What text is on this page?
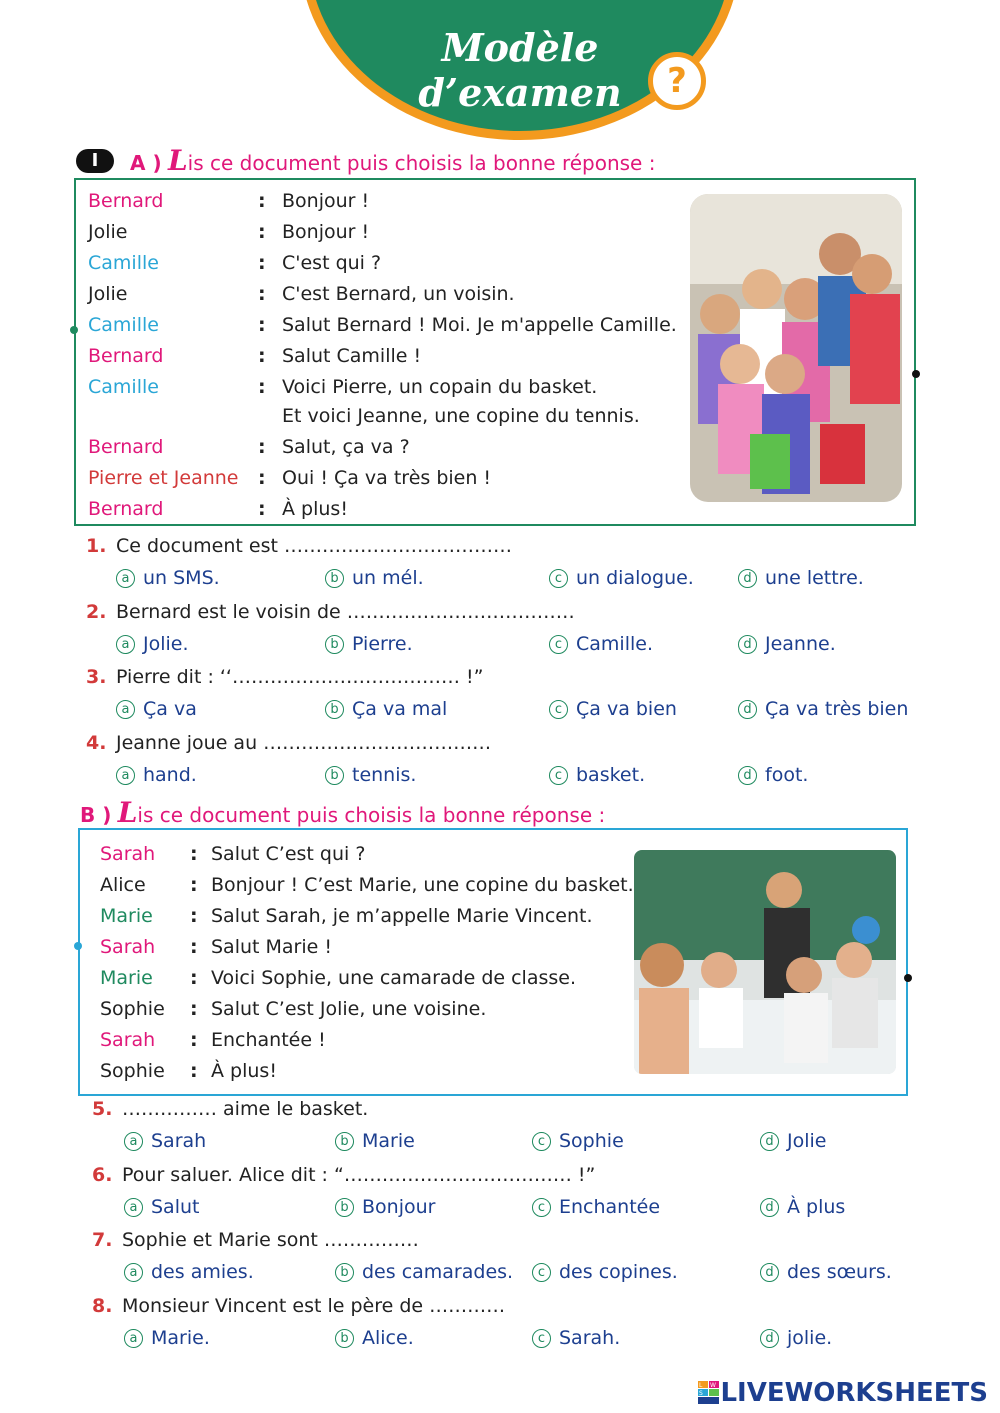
Modèle
d’examen	?
I	A ) Lis ce document puis choisis la bonne réponse :
Bernard	: Bonjour !
Jolie	: Bonjour !
Camille	: C'est qui ?
Jolie	: C'est Bernard, un voisin.
Camille	: Salut Bernard ! Moi. Je m'appelle Camille.
Bernard	: Salut Camille !
Camille	: Voici Pierre, un copain du basket.
Et voici Jeanne, une copine du tennis.
Bernard	: Salut, ça va ?
Pierre et Jeanne : Oui ! Ça va très bien !
Bernard	: À plus!
1. Ce document est ………………………………
a un SMS.	b un mél.	c un dialogue.	d une lettre.
2. Bernard est le voisin de ………………………………
a Jolie.	b Pierre.	c Camille.	d Jeanne.
3. Pierre dit : ‘‘……………………………… !”
a Ça va	b Ça va mal	c Ça va bien	d Ça va très bien
4. Jeanne joue au ………………………………
a hand.	b tennis.	c basket.	d foot.
B ) Lis ce document puis choisis la bonne réponse :
Sarah : Salut C’est qui ?
Alice : Bonjour ! C’est Marie, une copine du basket.
Marie : Salut Sarah, je m’appelle Marie Vincent.
Sarah : Salut Marie !
Marie : Voici Sophie, une camarade de classe.
Sophie : Salut C’est Jolie, une voisine.
Sarah : Enchantée !
Sophie : À plus!
5. …………… aime le basket.
a Sarah	b Marie	c Sophie	d Jolie
6. Pour saluer. Alice dit : “……………………………… !”
a Salut	b Bonjour	c Enchantée	d À plus
7. Sophie et Marie sont ……………
a des amies.	b des camarades.	c des copines.	d des sœurs.
8. Monsieur Vincent est le père de …………
a Marie.	b Alice.	c Sarah.	d jolie.
L W
S LIVEWORKSHEETS
